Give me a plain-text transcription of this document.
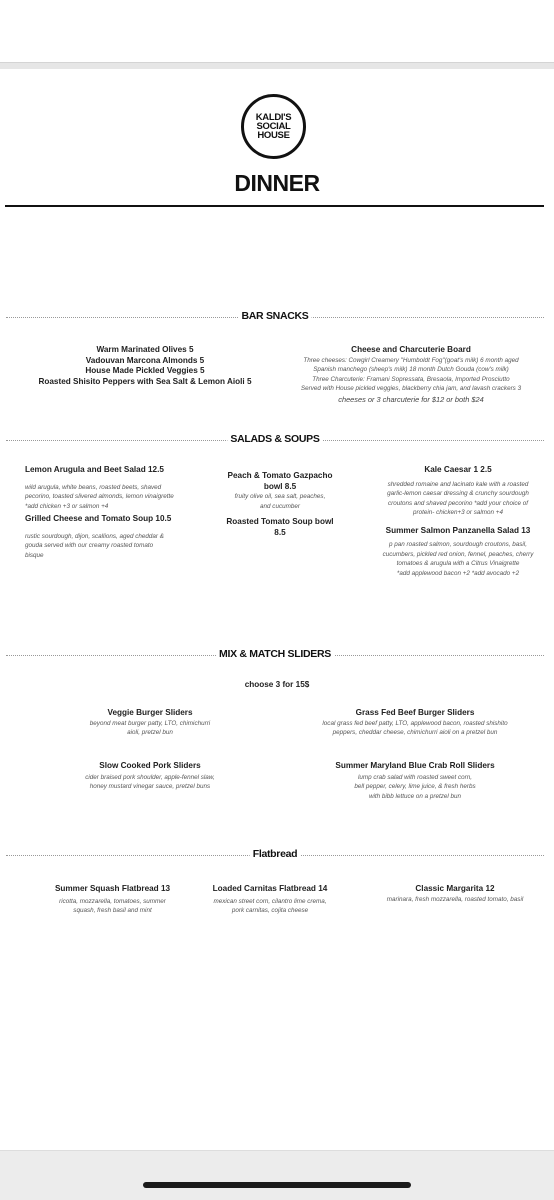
KALDI'S
SOCIAL
HOUSE
DINNER
BAR SNACKS
Warm Marinated Olives 5
Vadouvan Marcona Almonds 5
House Made Pickled Veggies 5
Roasted Shisito Peppers with Sea Salt & Lemon Aioli 5
Cheese and Charcuterie Board
Three cheeses: Cowgirl Creamery "Humboldt Fog"(goat's milk) 6 month aged
Spanish manchego (sheep's milk) 18 month Dutch Gouda (cow's milk)
Three Charcuterie: Framani Sopressata, Bresaola, Imported Prosciutto
Served with House pickled veggies, blackberry chia jam, and lavash crackers 3
cheeses or 3 charcuterie for $12 or both $24
SALADS & SOUPS
Lemon Arugula and Beet Salad 12.5
wild arugula, white beans, roasted beets, shaved
pecorino, toasted slivered almonds, lemon vinaigrette
*add chicken +3 or salmon +4
Grilled Cheese and Tomato Soup 10.5
rustic sourdough, dijon, scallions, aged cheddar &
gouda served with our creamy roasted tomato
bisque
Peach & Tomato Gazpacho
bowl 8.5
fruity olive oil, sea salt, peaches,
and cucumber
Roasted Tomato Soup bowl
8.5
Kale Caesar 1 2.5
shredded romaine and lacinato kale with a roasted
garlic-lemon caesar dressing & crunchy sourdough
croutons and shaved pecorino *add your choice of
protein- chicken+3 or salmon +4
Summer Salmon Panzanella Salad 13
p pan roasted salmon, sourdough croutons, basil,
cucumbers, pickled red onion, fennel, peaches, cherry
tomatoes & arugula with a Citrus Vinaigrette
*add applewood bacon +2 *add avocado +2
MIX & MATCH SLIDERS
choose 3 for 15$
Veggie Burger Sliders
beyond meat burger patty, LTO, chimichurri
aioli, pretzel bun
Grass Fed Beef Burger Sliders
local grass fed beef patty, LTO, applewood bacon, roasted shishito
peppers, cheddar cheese, chimichurri aioli on a pretzel bun
Slow Cooked Pork Sliders
cider braised pork shoulder, apple-fennel slaw,
honey mustard vinegar sauce, pretzel buns
Summer Maryland Blue Crab Roll Sliders
lump crab salad with roasted sweet corn,
bell pepper, celery, lime juice, & fresh herbs
with bibb lettuce on a pretzel bun
Flatbread
Summer Squash Flatbread 13
ricotta, mozzarella, tomatoes, summer
squash, fresh basil and mint
Loaded Carnitas Flatbread 14
mexican street corn, cilantro lime crema,
pork carnitas, cojita cheese
Classic Margarita 12
marinara, fresh mozzarella, roasted tomato, basil
